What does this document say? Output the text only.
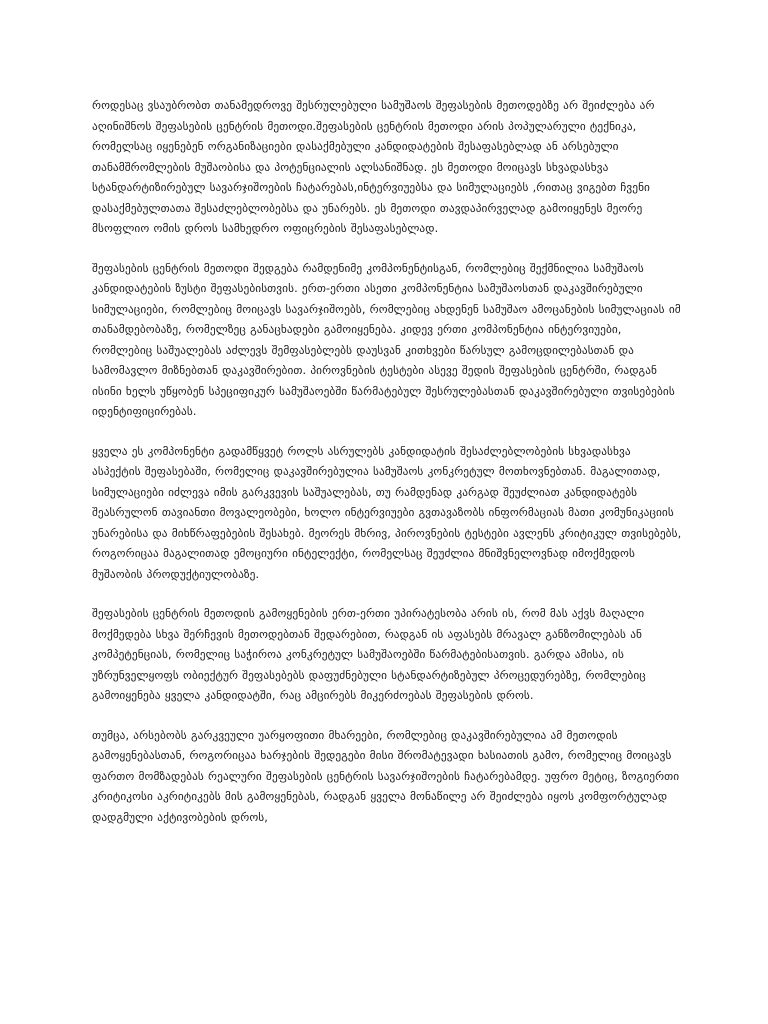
როდესაც ვსაუბრობთ თანამედროვე შესრულებული სამუშაოს შეფასების მეთოდებზე არ შეიძლება არ აღინიშნოს შეფასების ცენტრის მეთოდი.შეფასების ცენტრის მეთოდი არის პოპულარული ტექნიკა, რომელსაც იყენებენ ორგანიზაციები დასაქმებული კანდიდატების შესაფასებლად ან არსებული თანამშრომლების მუშაობისა და პოტენციალის ალსანიშნად. ეს მეთოდი მოიცავს სხვადასხვა სტანდარტიზირებულ სავარჯიშოების ჩატარებას,ინტერვიუებსა და სიმულაციებს ,რითაც ვიგებთ ჩვენი დასაქმებულთათა შესაძლებლობებსა და უნარებს. ეს მეთოდი თავდაპირველად გამოიყენეს მეორე მსოფლიო ომის დროს სამხედრო ოფიცრების შესაფასებლად.

შეფასების ცენტრის მეთოდი შედგება რამდენიმე კომპონენტისგან, რომლებიც შექმნილია სამუშაოს კანდიდატების ზუსტი შეფასებისთვის. ერთ-ერთი ასეთი კომპონენტია სამუშაოსთან დაკავშირებული სიმულაციები, რომლებიც მოიცავს სავარჯიშოებს, რომლებიც ახდენენ სამუშაო ამოცანების სიმულაციას იმ თანამდებობაზე, რომელზეც განაცხადები გამოიყენება. კიდევ ერთი კომპონენტია ინტერვიუები, რომლებიც საშუალებას აძლევს შემფასებლებს დაუსვან კითხვები წარსულ გამოცდილებასთან და სამომავლო მიზნებთან დაკავშირებით. პიროვნების ტესტები ასევე შედის შეფასების ცენტრში, რადგან ისინი ხელს უწყობენ სპეციფიკურ სამუშაოებში წარმატებულ შესრულებასთან დაკავშირებული თვისებების იდენტიფიცირებას.

ყველა ეს კომპონენტი გადამწყვეტ როლს ასრულებს კანდიდატის შესაძლებლობების სხვადასხვა ასპექტის შეფასებაში, რომელიც დაკავშირებულია სამუშაოს კონკრეტულ მოთხოვნებთან. მაგალითად, სიმულაციები იძლევა იმის გარკვევის საშუალებას, თუ რამდენად კარგად შეუძლიათ კანდიდატებს შეასრულონ თავიანთი მოვალეობები, ხოლო ინტერვიუები გვთავაზობს ინფორმაციას მათი კომუნიკაციის უნარებისა და მიხწრაფებების შესახებ. მეორეს მხრივ, პიროვნების ტესტები ავლენს კრიტიკულ თვისებებს, როგორიცაა მაგალითად ემოციური ინტელექტი, რომელსაც შეუძლია მნიშვნელოვნად იმოქმედოს მუშაობის პროდუქტიულობაზე.

შეფასების ცენტრის მეთოდის გამოყენების ერთ-ერთი უპირატესობა არის ის, რომ მას აქვს მაღალი მოქმედება სხვა შერჩევის მეთოდებთან შედარებით, რადგან ის აფასებს მრავალ განზომილებას ან კომპეტენციას, რომელიც საჭიროა კონკრეტულ სამუშაოებში წარმატებისათვის. გარდა ამისა, ის უზრუნველყოფს ობიექტურ შეფასებებს დაფუძნებული სტანდარტიზებულ პროცედურებზე, რომლებიც გამოიყენება ყველა კანდიდატში, რაც ამცირებს მიკერძოებას შეფასების დროს.

თუმცა, არსებობს გარკვეული უარყოფითი მხარეები, რომლებიც დაკავშირებულია ამ მეთოდის გამოყენებასთან, როგორიცაა ხარჯების შედეგები მისი შრომატევადი ხასიათის გამო, რომელიც მოიცავს ფართო მომზადებას რეალური შეფასების ცენტრის სავარჯიშოების ჩატარებამდე. უფრო მეტიც, ზოგიერთი კრიტიკოსი აკრიტიკებს მის გამოყენებას, რადგან ყველა მონაწილე არ შეიძლება იყოს კომფორტულად დადგმული აქტივობების დროს,
